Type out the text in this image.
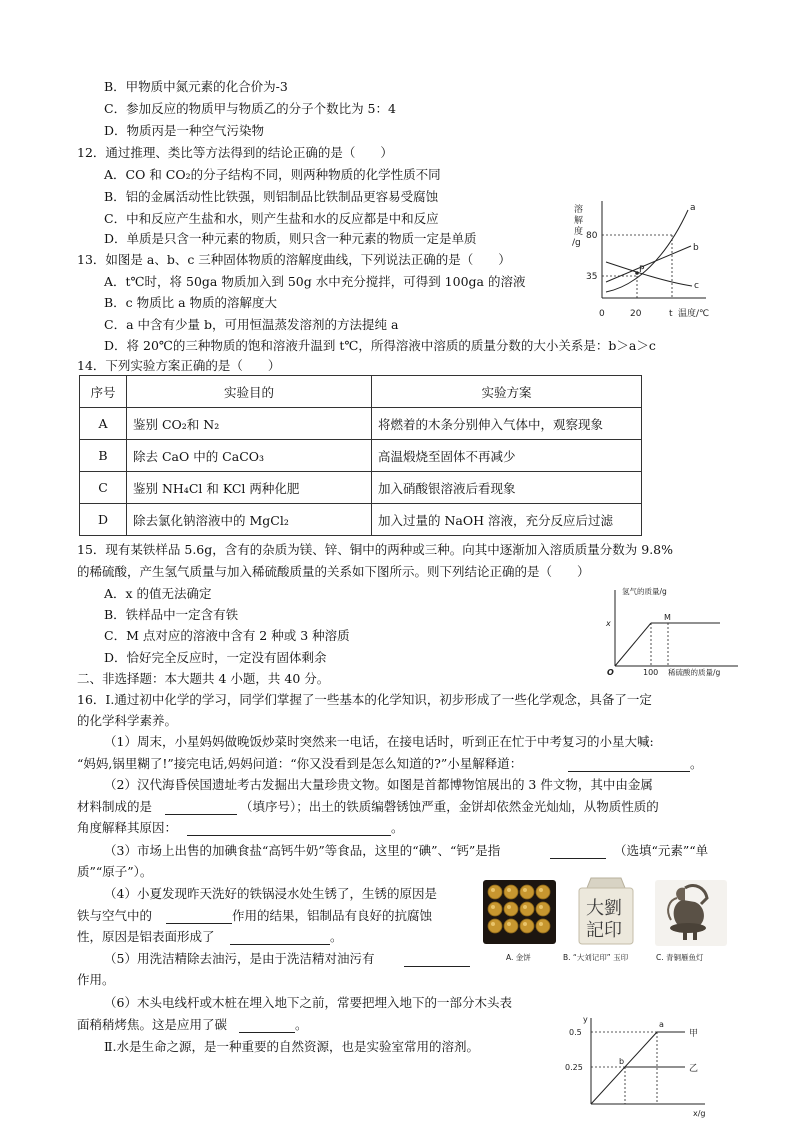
B．甲物质中氮元素的化合价为-3
C．参加反应的物质甲与物质乙的分子个数比为 5：4
D．物质丙是一种空气污染物
12．通过推理、类比等方法得到的结论正确的是（　　）
A．CO 和 CO₂的分子结构不同，则两种物质的化学性质不同
B．铝的金属活动性比铁强，则铝制品比铁制品更容易受腐蚀
C．中和反应产生盐和水，则产生盐和水的反应都是中和反应
D．单质是只含一种元素的物质，则只含一种元素的物质一定是单质
13．如图是 a、b、c 三种固体物质的溶解度曲线，下列说法正确的是（　　）
A．t℃时，将 50ga 物质加入到 50g 水中充分搅拌，可得到 100ga 的溶液
B．c 物质比 a 物质的溶解度大
C．a 中含有少量 b，可用恒温蒸发溶剂的方法提纯 a
D．将 20℃的三种物质的饱和溶液升温到 t℃，所得溶液中溶质的质量分数的大小关系是：b＞a＞c
14．下列实验方案正确的是（　　）
溶
解
度
/g
P
a
b
c
80
35
0	20	t 温度/℃
序号	实验目的	实验方案
A	鉴别 CO₂和 N₂	将燃着的木条分别伸入气体中，观察现象
B	除去 CaO 中的 CaCO₃	高温煅烧至固体不再减少
C	鉴别 NH₄Cl 和 KCl 两种化肥	加入硝酸银溶液后看现象
D	除去氯化钠溶液中的 MgCl₂	加入过量的 NaOH 溶液，充分反应后过滤
15．现有某铁样品 5.6g，含有的杂质为镁、锌、铜中的两种或三种。向其中逐渐加入溶质质量分数为 9.8%
的稀硫酸，产生氢气质量与加入稀硫酸质量的关系如下图所示。则下列结论正确的是（　　）
A．x 的值无法确定
B．铁样品中一定含有铁
C．M 点对应的溶液中含有 2 种或 3 种溶质
D．恰好完全反应时，一定没有固体剩余
氢气的质量/g
x
M
O	100 稀硫酸的质量/g
二、非选择题：本大题共 4 小题，共 40 分。
16．Ⅰ.通过初中化学的学习，同学们掌握了一些基本的化学知识，初步形成了一些化学观念，具备了一定
的化学科学素养。
（1）周末，小星妈妈做晚饭炒菜时突然来一电话，在接电话时，听到正在忙于中考复习的小星大喊:
“妈妈,锅里糊了!”接完电话,妈妈问道：“你又没看到是怎么知道的?”小星解释道：	。
（2）汉代海昏侯国遗址考古发掘出大量珍贵文物。如图是首都博物馆展出的 3 件文物，其中由金属
材料制成的是	（填序号）；出土的铁质编磬锈蚀严重，金饼却依然金光灿灿，从物质性质的
角度解释其原因：	。
（3）市场上出售的加碘食盐“高钙牛奶”等食品，这里的“碘”、“钙”是指	（选填“元素”“单
质”“原子”）。
（4）小夏发现昨天洗好的铁锅浸水处生锈了，生锈的原因是
铁与空气中的	作用的结果，铝制品有良好的抗腐蚀
性，原因是铝表面形成了	。
（5）用洗洁精除去油污，是由于洗洁精对油污有
作用。
（6）木头电线杆或木桩在埋入地下之前，常要把埋入地下的一部分木头表
面稍稍烤焦。这是应用了碳	。
Ⅱ.水是生命之源，是一种重要的自然资源，也是实验室常用的溶剂。
大劉
記印
A. 金饼	B. “大刘记印” 玉印	C. 青铜雁鱼灯
y
0.5
0.25
a
b
甲
乙
x/g
